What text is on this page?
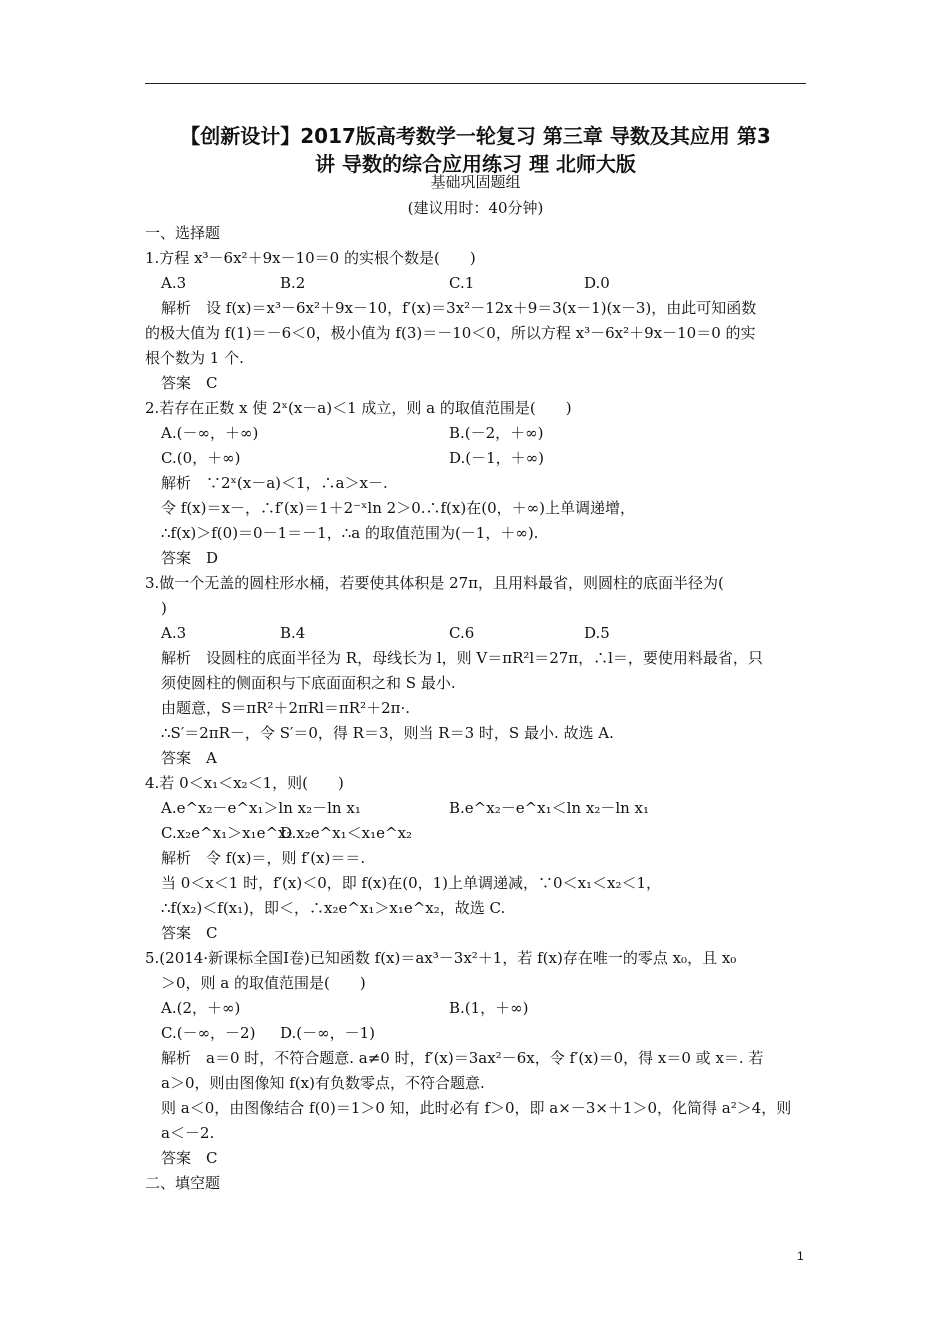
【创新设计】2017版高考数学一轮复习 第三章 导数及其应用 第3
讲 导数的综合应用练习 理 北师大版
基础巩固题组
(建议用时：40分钟)
一、选择题
1.方程 x³－6x²＋9x－10＝0 的实根个数是(　　)
A.3	B.2	C.1	D.0
解析　设 f(x)＝x³－6x²＋9x－10，f′(x)＝3x²－12x＋9＝3(x－1)(x－3)，由此可知函数
的极大值为 f(1)＝－6＜0，极小值为 f(3)＝－10＜0，所以方程 x³－6x²＋9x－10＝0 的实
根个数为 1 个.
答案　C
2.若存在正数 x 使 2ˣ(x－a)＜1 成立，则 a 的取值范围是(　　)
A.(－∞，＋∞)	B.(－2，＋∞)
C.(0，＋∞)	D.(－1，＋∞)
解析　∵2ˣ(x－a)＜1，∴a＞x－.
令 f(x)＝x－，∴f′(x)＝1＋2⁻ˣln 2＞0.∴f(x)在(0，＋∞)上单调递增，
∴f(x)＞f(0)＝0－1＝－1，∴a 的取值范围为(－1，＋∞).
答案　D
3.做一个无盖的圆柱形水桶，若要使其体积是 27π，且用料最省，则圆柱的底面半径为(
)
A.3	B.4	C.6	D.5
解析　设圆柱的底面半径为 R，母线长为 l，则 V＝πR²l＝27π，∴l＝，要使用料最省，只
须使圆柱的侧面积与下底面面积之和 S 最小.
由题意，S＝πR²＋2πRl＝πR²＋2π·.
∴S′＝2πR－，令 S′＝0，得 R＝3，则当 R＝3 时，S 最小. 故选 A.
答案　A
4.若 0＜x₁＜x₂＜1，则(　　)
A.e^x₂－e^x₁＞ln x₂－ln x₁	B.e^x₂－e^x₁＜ln x₂－ln x₁
C.x₂e^x₁＞x₁e^x₂
D.x₂e^x₁＜x₁e^x₂
解析　令 f(x)＝，则 f′(x)＝＝.
当 0＜x＜1 时，f′(x)＜0，即 f(x)在(0，1)上单调递减，∵0＜x₁＜x₂＜1，
∴f(x₂)＜f(x₁)，即＜，∴x₂e^x₁＞x₁e^x₂，故选 C.
答案　C
5.(2014·新课标全国Ⅰ卷)已知函数 f(x)＝ax³－3x²＋1，若 f(x)存在唯一的零点 x₀，且 x₀
＞0，则 a 的取值范围是(　　)
A.(2，＋∞)	B.(1，＋∞)
C.(－∞，－2) D.(－∞，－1)
解析　a＝0 时，不符合题意. a≠0 时，f′(x)＝3ax²－6x，令 f′(x)＝0，得 x＝0 或 x＝. 若
a＞0，则由图像知 f(x)有负数零点，不符合题意.
则 a＜0，由图像结合 f(0)＝1＞0 知，此时必有 f＞0，即 a×－3×＋1＞0，化简得 a²＞4，则
a＜－2.
答案　C
二、填空题
1
